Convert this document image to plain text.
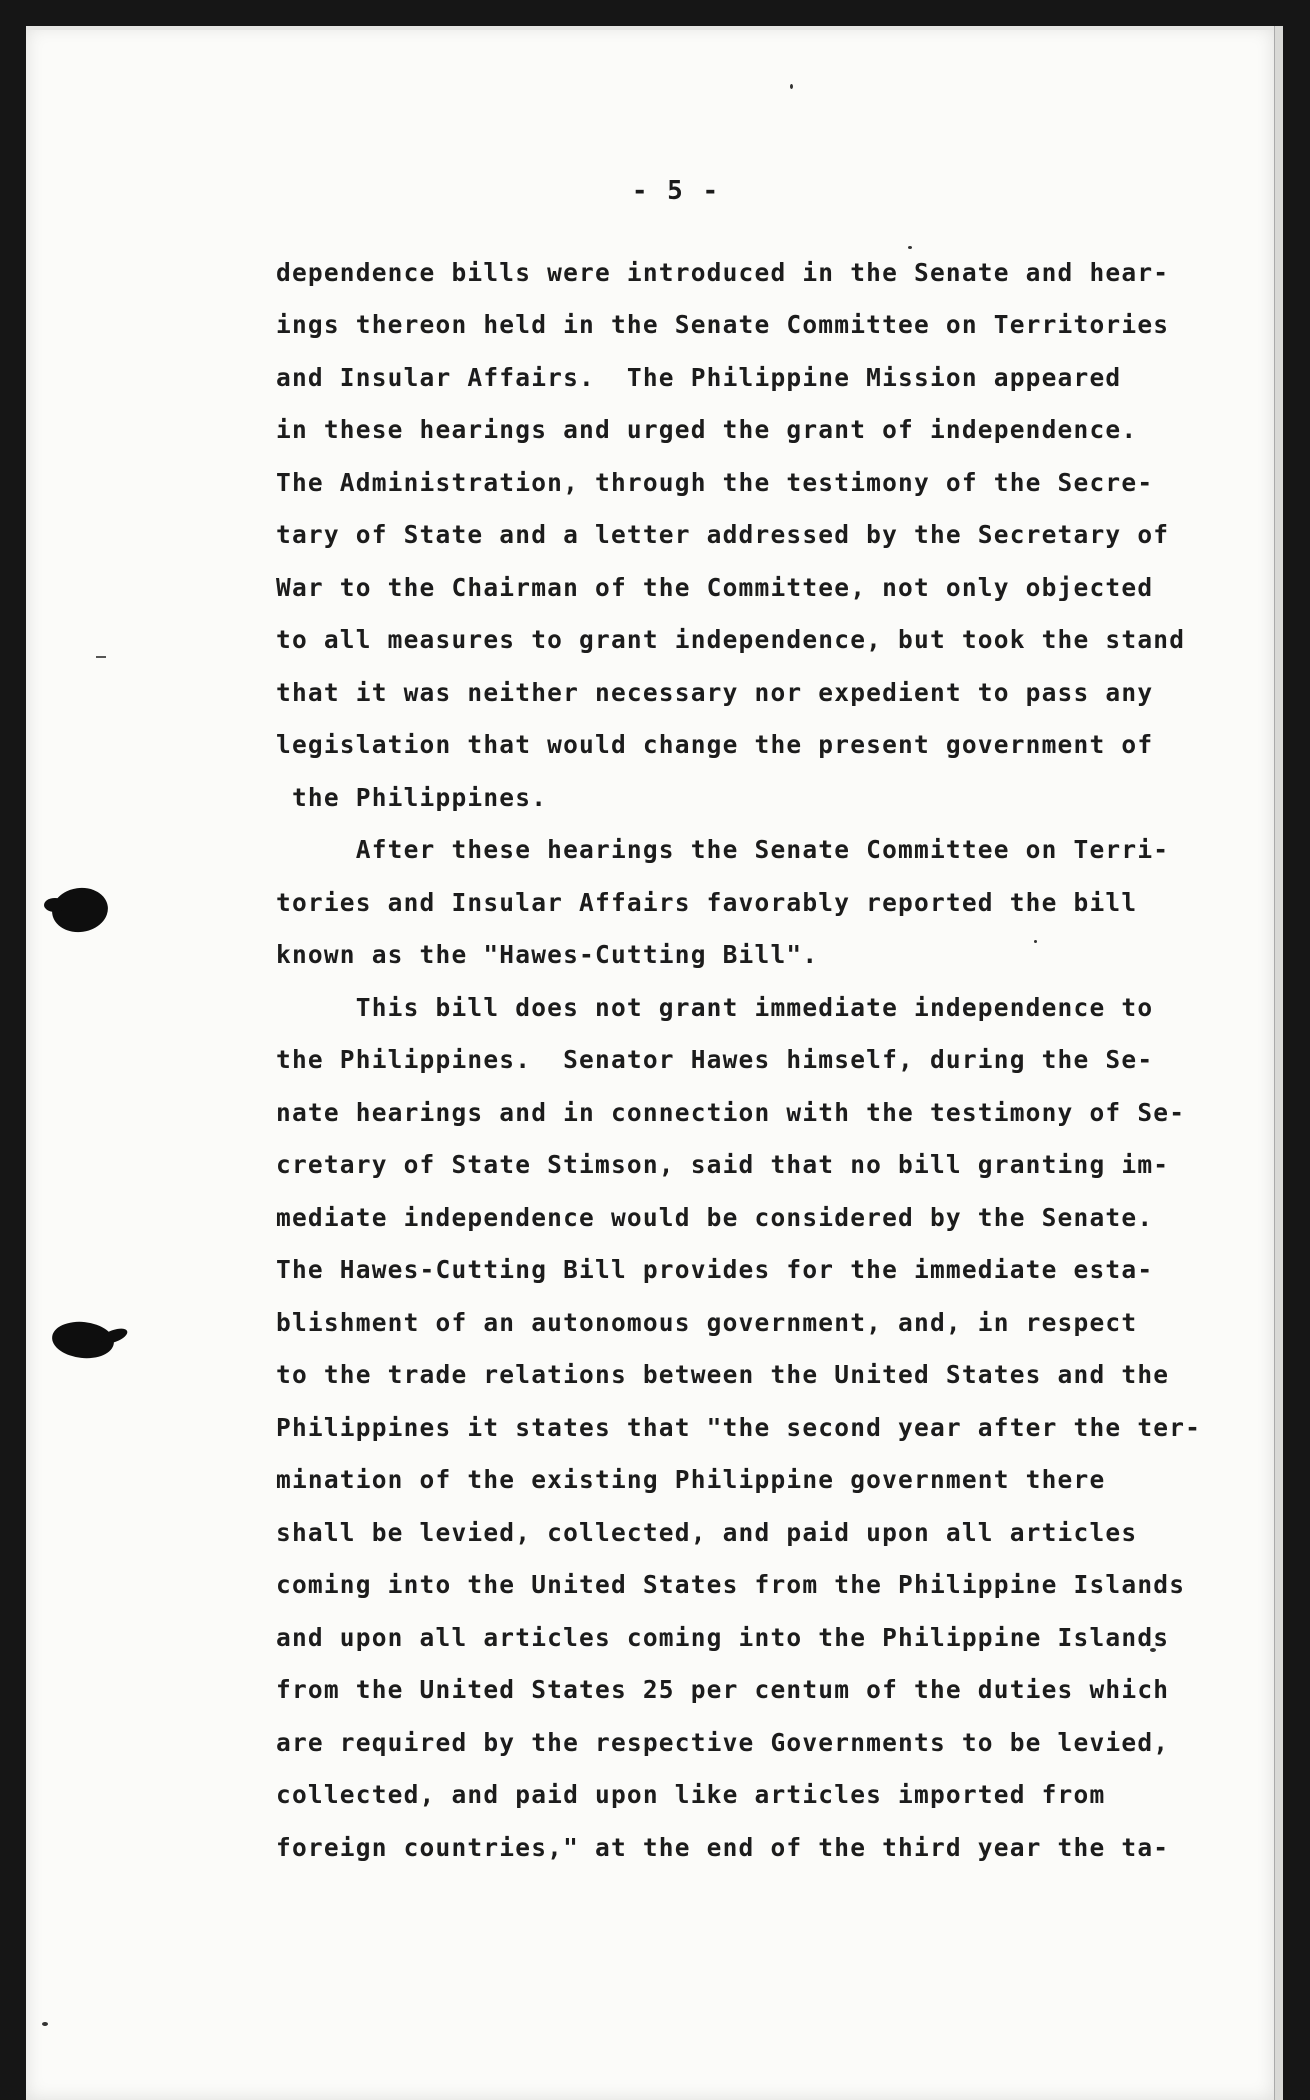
- 5 -
dependence bills were introduced in the Senate and hear-
ings thereon held in the Senate Committee on Territories
and Insular Affairs.  The Philippine Mission appeared
in these hearings and urged the grant of independence.
The Administration, through the testimony of the Secre-
tary of State and a letter addressed by the Secretary of
War to the Chairman of the Committee, not only objected
to all measures to grant independence, but took the stand
that it was neither necessary nor expedient to pass any
legislation that would change the present government of
the Philippines.
After these hearings the Senate Committee on Terri-
tories and Insular Affairs favorably reported the bill
known as the "Hawes-Cutting Bill".
This bill does not grant immediate independence to
the Philippines.  Senator Hawes himself, during the Se-
nate hearings and in connection with the testimony of Se-
cretary of State Stimson, said that no bill granting im-
mediate independence would be considered by the Senate.
The Hawes-Cutting Bill provides for the immediate esta-
blishment of an autonomous government, and, in respect
to the trade relations between the United States and the
Philippines it states that "the second year after the ter-
mination of the existing Philippine government there
shall be levied, collected, and paid upon all articles
coming into the United States from the Philippine Islands
and upon all articles coming into the Philippine Islands
from the United States 25 per centum of the duties which
are required by the respective Governments to be levied,
collected, and paid upon like articles imported from
foreign countries," at the end of the third year the ta-
